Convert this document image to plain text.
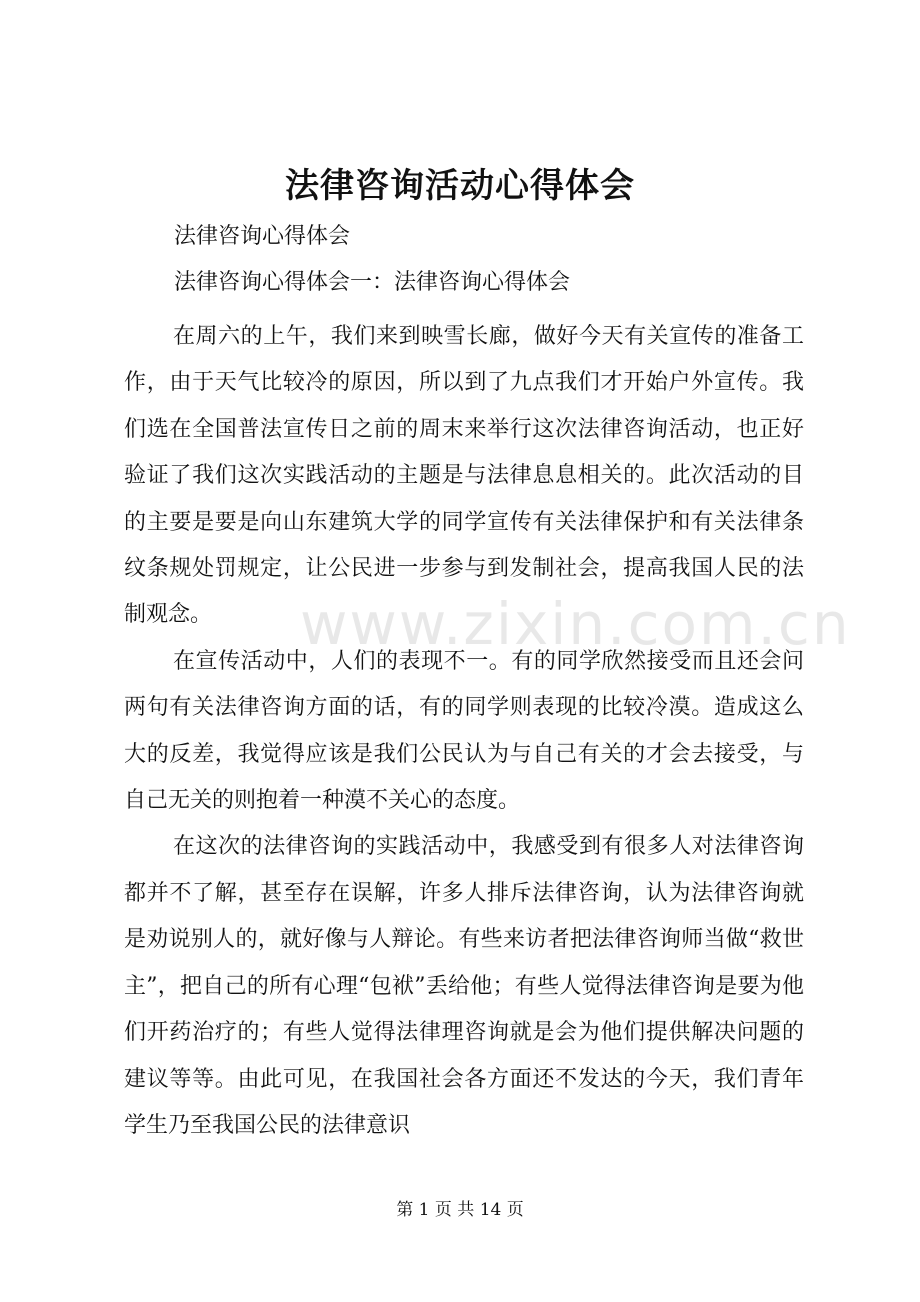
法律咨询活动心得体会
法律咨询心得体会
法律咨询心得体会一：法律咨询心得体会

在周六的上午，我们来到映雪长廊，做好今天有关宣传的准备工作，由于天气比较冷的原因，所以到了九点我们才开始户外宣传。我们选在全国普法宣传日之前的周末来举行这次法律咨询活动，也正好验证了我们这次实践活动的主题是与法律息息相关的。此次活动的目的主要是要是向山东建筑大学的同学宣传有关法律保护和有关法律条纹条规处罚规定，让公民进一步参与到发制社会，提高我国人民的法制观念。

在宣传活动中，人们的表现不一。有的同学欣然接受而且还会问两句有关法律咨询方面的话，有的同学则表现的比较冷漠。造成这么大的反差，我觉得应该是我们公民认为与自己有关的才会去接受，与自己无关的则抱着一种漠不关心的态度。

在这次的法律咨询的实践活动中，我感受到有很多人对法律咨询都并不了解，甚至存在误解，许多人排斥法律咨询，认为法律咨询就是劝说别人的，就好像与人辩论。有些来访者把法律咨询师当做“救世主”，把自己的所有心理“包袱”丢给他；有些人觉得法律咨询是要为他们开药治疗的；有些人觉得法律理咨询就是会为他们提供解决问题的建议等等。由此可见，在我国社会各方面还不发达的今天，我们青年学生乃至我国公民的法律意识

www.zixin.com.cn
第 1 页 共 14 页
